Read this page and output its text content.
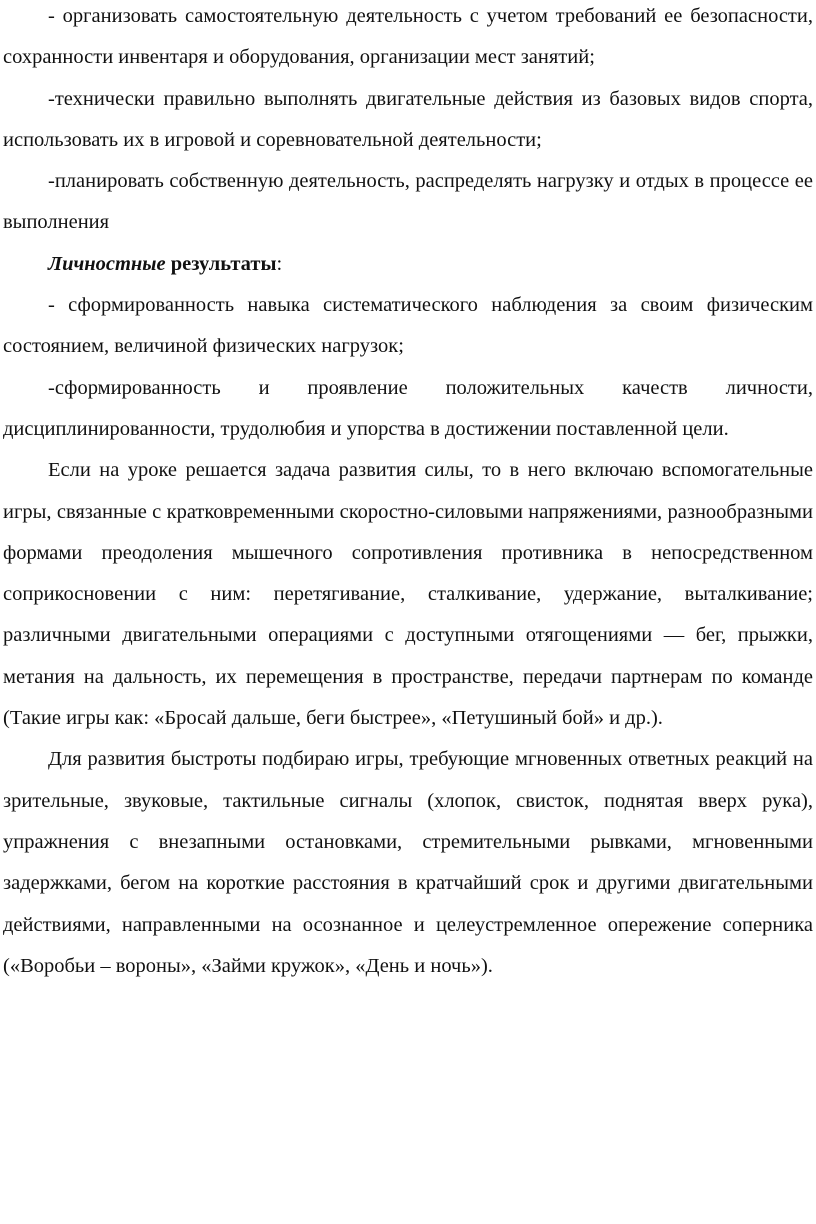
- организовать самостоятельную деятельность с учетом требований ее безопасности, сохранности инвентаря и оборудования, организации мест занятий;

-технически правильно выполнять двигательные действия из базовых видов спорта, использовать их в игровой и соревновательной деятельности;

-планировать собственную деятельность, распределять нагрузку и отдых в процессе ее выполнения

Личностные результаты:

- сформированность навыка систематического наблюдения за своим физическим состоянием, величиной физических нагрузок;

-сформированность и проявление положительных качеств личности, дисциплинированности, трудолюбия и упорства в достижении поставленной цели.

Если на уроке решается задача развития силы, то в него включаю вспомогательные игры, связанные с кратковременными скоростно-силовыми напряжениями, разнообразными формами преодоления мышечного сопротивления противника в непосредственном соприкосновении с ним: перетягивание, сталкивание, удержание, выталкивание; различными двигательными операциями с доступными отягощениями — бег, прыжки, метания на дальность, их перемещения в пространстве, передачи партнерам по команде (Такие игры как: «Бросай дальше, беги быстрее», «Петушиный бой» и др.).

Для развития быстроты подбираю игры, требующие мгновенных ответных реакций на зрительные, звуковые, тактильные сигналы (хлопок, свисток, поднятая вверх рука), упражнения с внезапными остановками, стремительными рывками, мгновенными задержками, бегом на короткие расстояния в кратчайший срок и другими двигательными действиями, направленными на осознанное и целеустремленное опережение соперника («Воробьи – вороны», «Займи кружок», «День и ночь»).
